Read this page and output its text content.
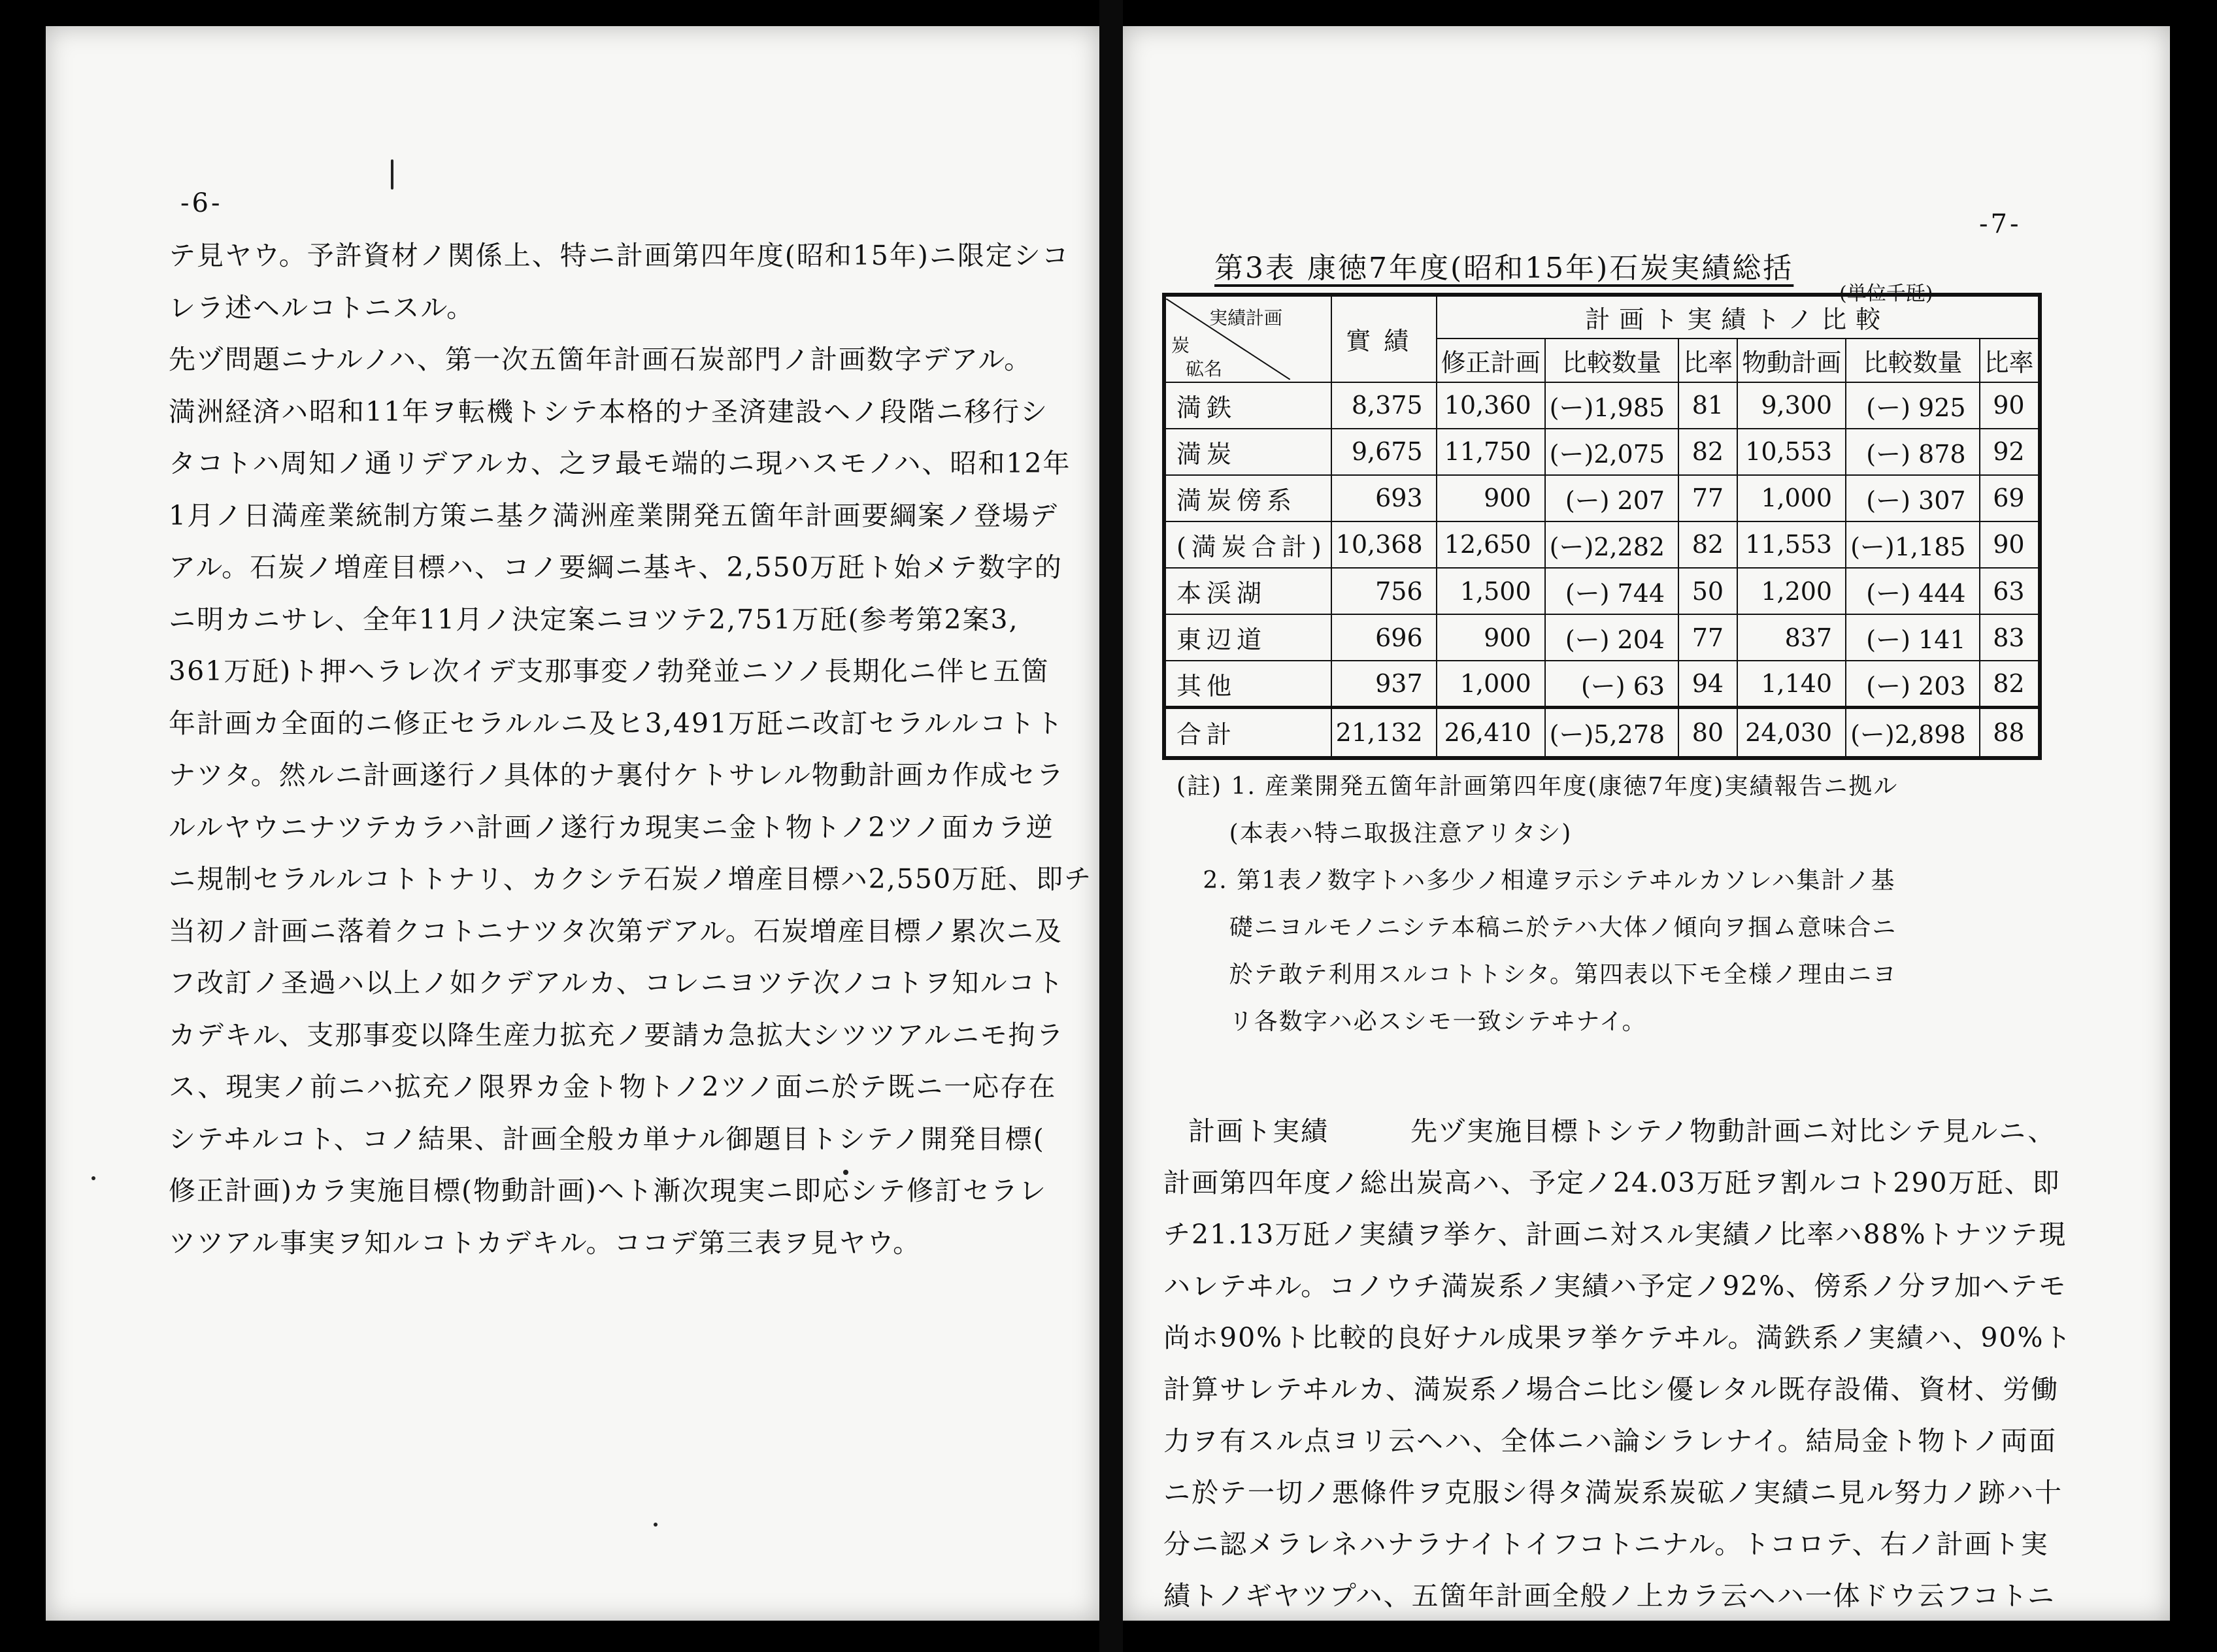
-6-
テ見ヤウ。予許資材ノ関係上、特ニ計画第四年度(昭和15年)ニ限定シコ
レラ述ヘルコトニスル。
先ヅ問題ニナルノハ、第一次五箇年計画石炭部門ノ計画数字デアル。
満洲経済ハ昭和11年ヲ転機トシテ本格的ナ圣済建設ヘノ段階ニ移行シ
タコトハ周知ノ通リデアルカ、之ヲ最モ端的ニ現ハスモノハ、昭和12年
1月ノ日満産業統制方策ニ基ク満洲産業開発五箇年計画要綱案ノ登場デ
アル。石炭ノ増産目標ハ、コノ要綱ニ基キ、2,550万瓩ト始メテ数字的
ニ明カニサレ、全年11月ノ決定案ニヨツテ2,751万瓩(参考第2案3,
361万瓩)ト押ヘラレ次イデ支那事変ノ勃発並ニソノ長期化ニ伴ヒ五箇
年計画カ全面的ニ修正セラルルニ及ヒ3,491万瓩ニ改訂セラルルコトト
ナツタ。然ルニ計画遂行ノ具体的ナ裏付ケトサレル物動計画カ作成セラ
ルルヤウニナツテカラハ計画ノ遂行カ現実ニ金ト物トノ2ツノ面カラ逆
ニ規制セラルルコトトナリ、カクシテ石炭ノ増産目標ハ2,550万瓩、即チ
当初ノ計画ニ落着クコトニナツタ次第デアル。石炭増産目標ノ累次ニ及
フ改訂ノ圣過ハ以上ノ如クデアルカ、コレニヨツテ次ノコトヲ知ルコト
カデキル、支那事変以降生産力拡充ノ要請カ急拡大シツツアルニモ拘ラ
ス、現実ノ前ニハ拡充ノ限界カ金ト物トノ2ツノ面ニ於テ既ニ一応存在
シテヰルコト、コノ結果、計画全般カ単ナル御題目トシテノ開発目標(
修正計画)カラ実施目標(物動計画)ヘト漸次現実ニ即応シテ修訂セラレ
ツツアル事実ヲ知ルコトカデキル。ココデ第三表ヲ見ヤウ。
-7-
第3表 康徳7年度(昭和15年)石炭実績総括
(単位千瓩)
実績計画
炭
砿名	實績	計画ト実績トノ比較					
		修正計画	比較数量	比率	物動計画	比較数量	比率
満鉄	8,375	10,360	(ー)1,985	81	9,300	(ー) 925	90
満炭	9,675	11,750	(ー)2,075	82	10,553	(ー) 878	92
満炭傍系	693	900	(ー) 207	77	1,000	(ー) 307	69
(満炭合計)	10,368	12,650	(ー)2,282	82	11,553	(ー)1,185	90
本渓湖	756	1,500	(ー) 744	50	1,200	(ー) 444	63
東辺道	696	900	(ー) 204	77	837	(ー) 141	83
其他	937	1,000	(ー) 63	94	1,140	(ー) 203	82
合計	21,132	26,410	(ー)5,278	80	24,030	(ー)2,898	88
(註) 1. 産業開発五箇年計画第四年度(康徳7年度)実績報告ニ拠ル
(本表ハ特ニ取扱注意アリタシ)
2. 第1表ノ数字トハ多少ノ相違ヲ示シテヰルカソレハ集計ノ基
礎ニヨルモノニシテ本稿ニ於テハ大体ノ傾向ヲ掴ム意味合ニ
於テ敢テ利用スルコトトシタ。第四表以下モ全様ノ理由ニヨ
リ各数字ハ必スシモ一致シテヰナイ。
計画ト実績	先ヅ実施目標トシテノ物動計画ニ対比シテ見ルニ、
計画第四年度ノ総出炭高ハ、予定ノ24.03万瓩ヲ割ルコト290万瓩、即
チ21.13万瓩ノ実績ヲ挙ケ、計画ニ対スル実績ノ比率ハ88%トナツテ現
ハレテヰル。コノウチ満炭系ノ実績ハ予定ノ92%、傍系ノ分ヲ加ヘテモ
尚ホ90%ト比較的良好ナル成果ヲ挙ケテヰル。満鉄系ノ実績ハ、90%ト
計算サレテヰルカ、満炭系ノ場合ニ比シ優レタル既存設備、資材、労働
力ヲ有スル点ヨリ云ヘハ、全体ニハ論シラレナイ。結局金ト物トノ両面
ニ於テ一切ノ悪條件ヲ克服シ得タ満炭系炭砿ノ実績ニ見ル努力ノ跡ハ十
分ニ認メラレネハナラナイトイフコトニナル。トコロテ、右ノ計画ト実
績トノギヤツプハ、五箇年計画全般ノ上カラ云ヘハ一体ドウ云フコトニ
